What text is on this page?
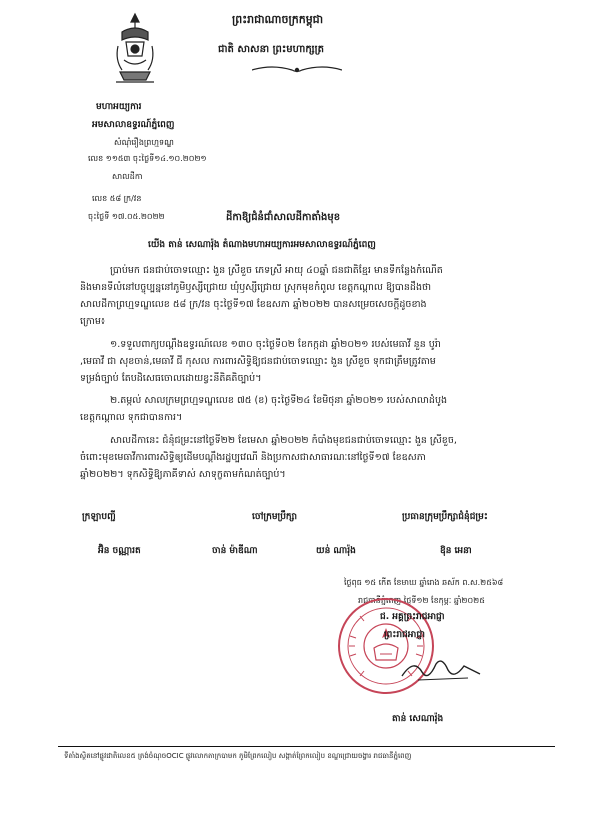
ព្រះរាជាណាចក្រកម្ពុជា
ជាតិ សាសនា ព្រះមហាក្សត្រ
មហាអយ្យការ
អមសាលាឧទ្ធរណ៍ភ្នំពេញ
សំណុំរឿងព្រហ្មទណ្ឌ
លេខ ១១៥៣ ចុះថ្ងៃទី១៤.១០.២០២១
សាលដីកា
លេខ ៥៨ ក្រ/វន
ចុះថ្ងៃទី ១៧.០៥.២០២២	ដីកាឱ្យជំនំជាំសាលដីកាតាំងមុខ
យើង តាន់ សេណារ៉ុង តំណាងមហាអយ្យការអមសាលាឧទ្ធរណ៍ភ្នំពេញ
ប្រាប់មក ជនជាប់ចោទឈ្មោះ ងួន ស្រីខួច ភេទស្រី អាយុ ៤០ឆ្នាំ ជនជាតិខ្មែរ មានទីកន្លែងកំណើត
និងមានទីលំនៅបច្ចុប្បន្ននៅភូមិឫស្សីជ្រោយ ឃុំឫស្សីជ្រោយ ស្រុកមុខកំពូល ខេត្តកណ្ដាល ឱ្យបានដឹងថា
សាលដីកាព្រហ្មទណ្ឌលេខ ៥៨ ក្រ/វន ចុះថ្ងៃទី១៧ ខែឧសភា ឆ្នាំ២០២២ បានសម្រេចសេចក្ដីដូចខាង
ក្រោម៖
១.ទទួលពាក្យបណ្ដឹងឧទ្ធរណ៍លេខ ១៣០ ចុះថ្ងៃទី០២ ខែកក្កដា ឆ្នាំ២០២១ របស់មេធាវី នួន បូរ៉ា
,មេធាវី ជា សុខចាន់,មេធាវី ជី កុសល ការពារសិទ្ធិឱ្យជនជាប់ចោទឈ្មោះ ងួន ស្រីខួច ទុកជាត្រឹមត្រូវតាម
ទម្រង់ច្បាប់ តែបដិសេធចោលដោយខ្វះនីតិគតិច្បាប់។
២.តម្កល់ សាលក្រមព្រហ្មទណ្ឌលេខ ៧៥ (ខ) ចុះថ្ងៃទី២៤ ខែមិថុនា ឆ្នាំ២០២១ របស់សាលាដំបូង
ខេត្តកណ្ដាល ទុកជាបានការ។
សាលដីកានេះ ជំនុំជម្រះនៅថ្ងៃទី២២ ខែមេសា ឆ្នាំ២០២២ កំបាំងមុខជនជាប់ចោទឈ្មោះ ងួន ស្រីខួច,
ចំពោះមុខមេធាវីការពារសិទ្ធិឲ្យដើមបណ្ដឹងរដ្ឋប្បវេណី និងប្រកាសជាសាធារណៈនៅថ្ងៃទី១៧ ខែឧសភា
ឆ្នាំ២០២២។ ទុកសិទ្ធិឱ្យភាគីទាស់ សាទុក្ខតាមកំណត់ច្បាប់។
ក្រឡាបញ្ជី	ចៅក្រមប្រឹក្សា	ប្រធានក្រុមប្រឹក្សាជំនុំជម្រះ
អ៊ិន ចណ្ណារត	ចាន់ ម៉ាឌីណា	យន់ ណារ៉ុង	ឱុន អេនា
ថ្ងៃពុធ ១៥ កើត ខែមាឃ ឆ្នាំរោង ឆស័ក ព.ស.២៥៦៨
រាជធានីភ្នំពេញ ថ្ងៃទី១២ ខែកុម្ភៈ ឆ្នាំ២០២៥
ជ. អគ្គព្រះរាជអាជ្ញា
ព្រះរាជអាជ្ញា
តាន់ សេណារ៉ុង
ទីតាំងស្ថិតនៅផ្លូវជាតិលេខ៥ ត្រង់ចំណុចOCIC ផ្លូវលោកតាក្របាមក ភូមិព្រែកលៀប សង្កាត់ព្រែកលៀប ខណ្ឌជ្រោយចង្វារ រាជធានីភ្នំពេញ
